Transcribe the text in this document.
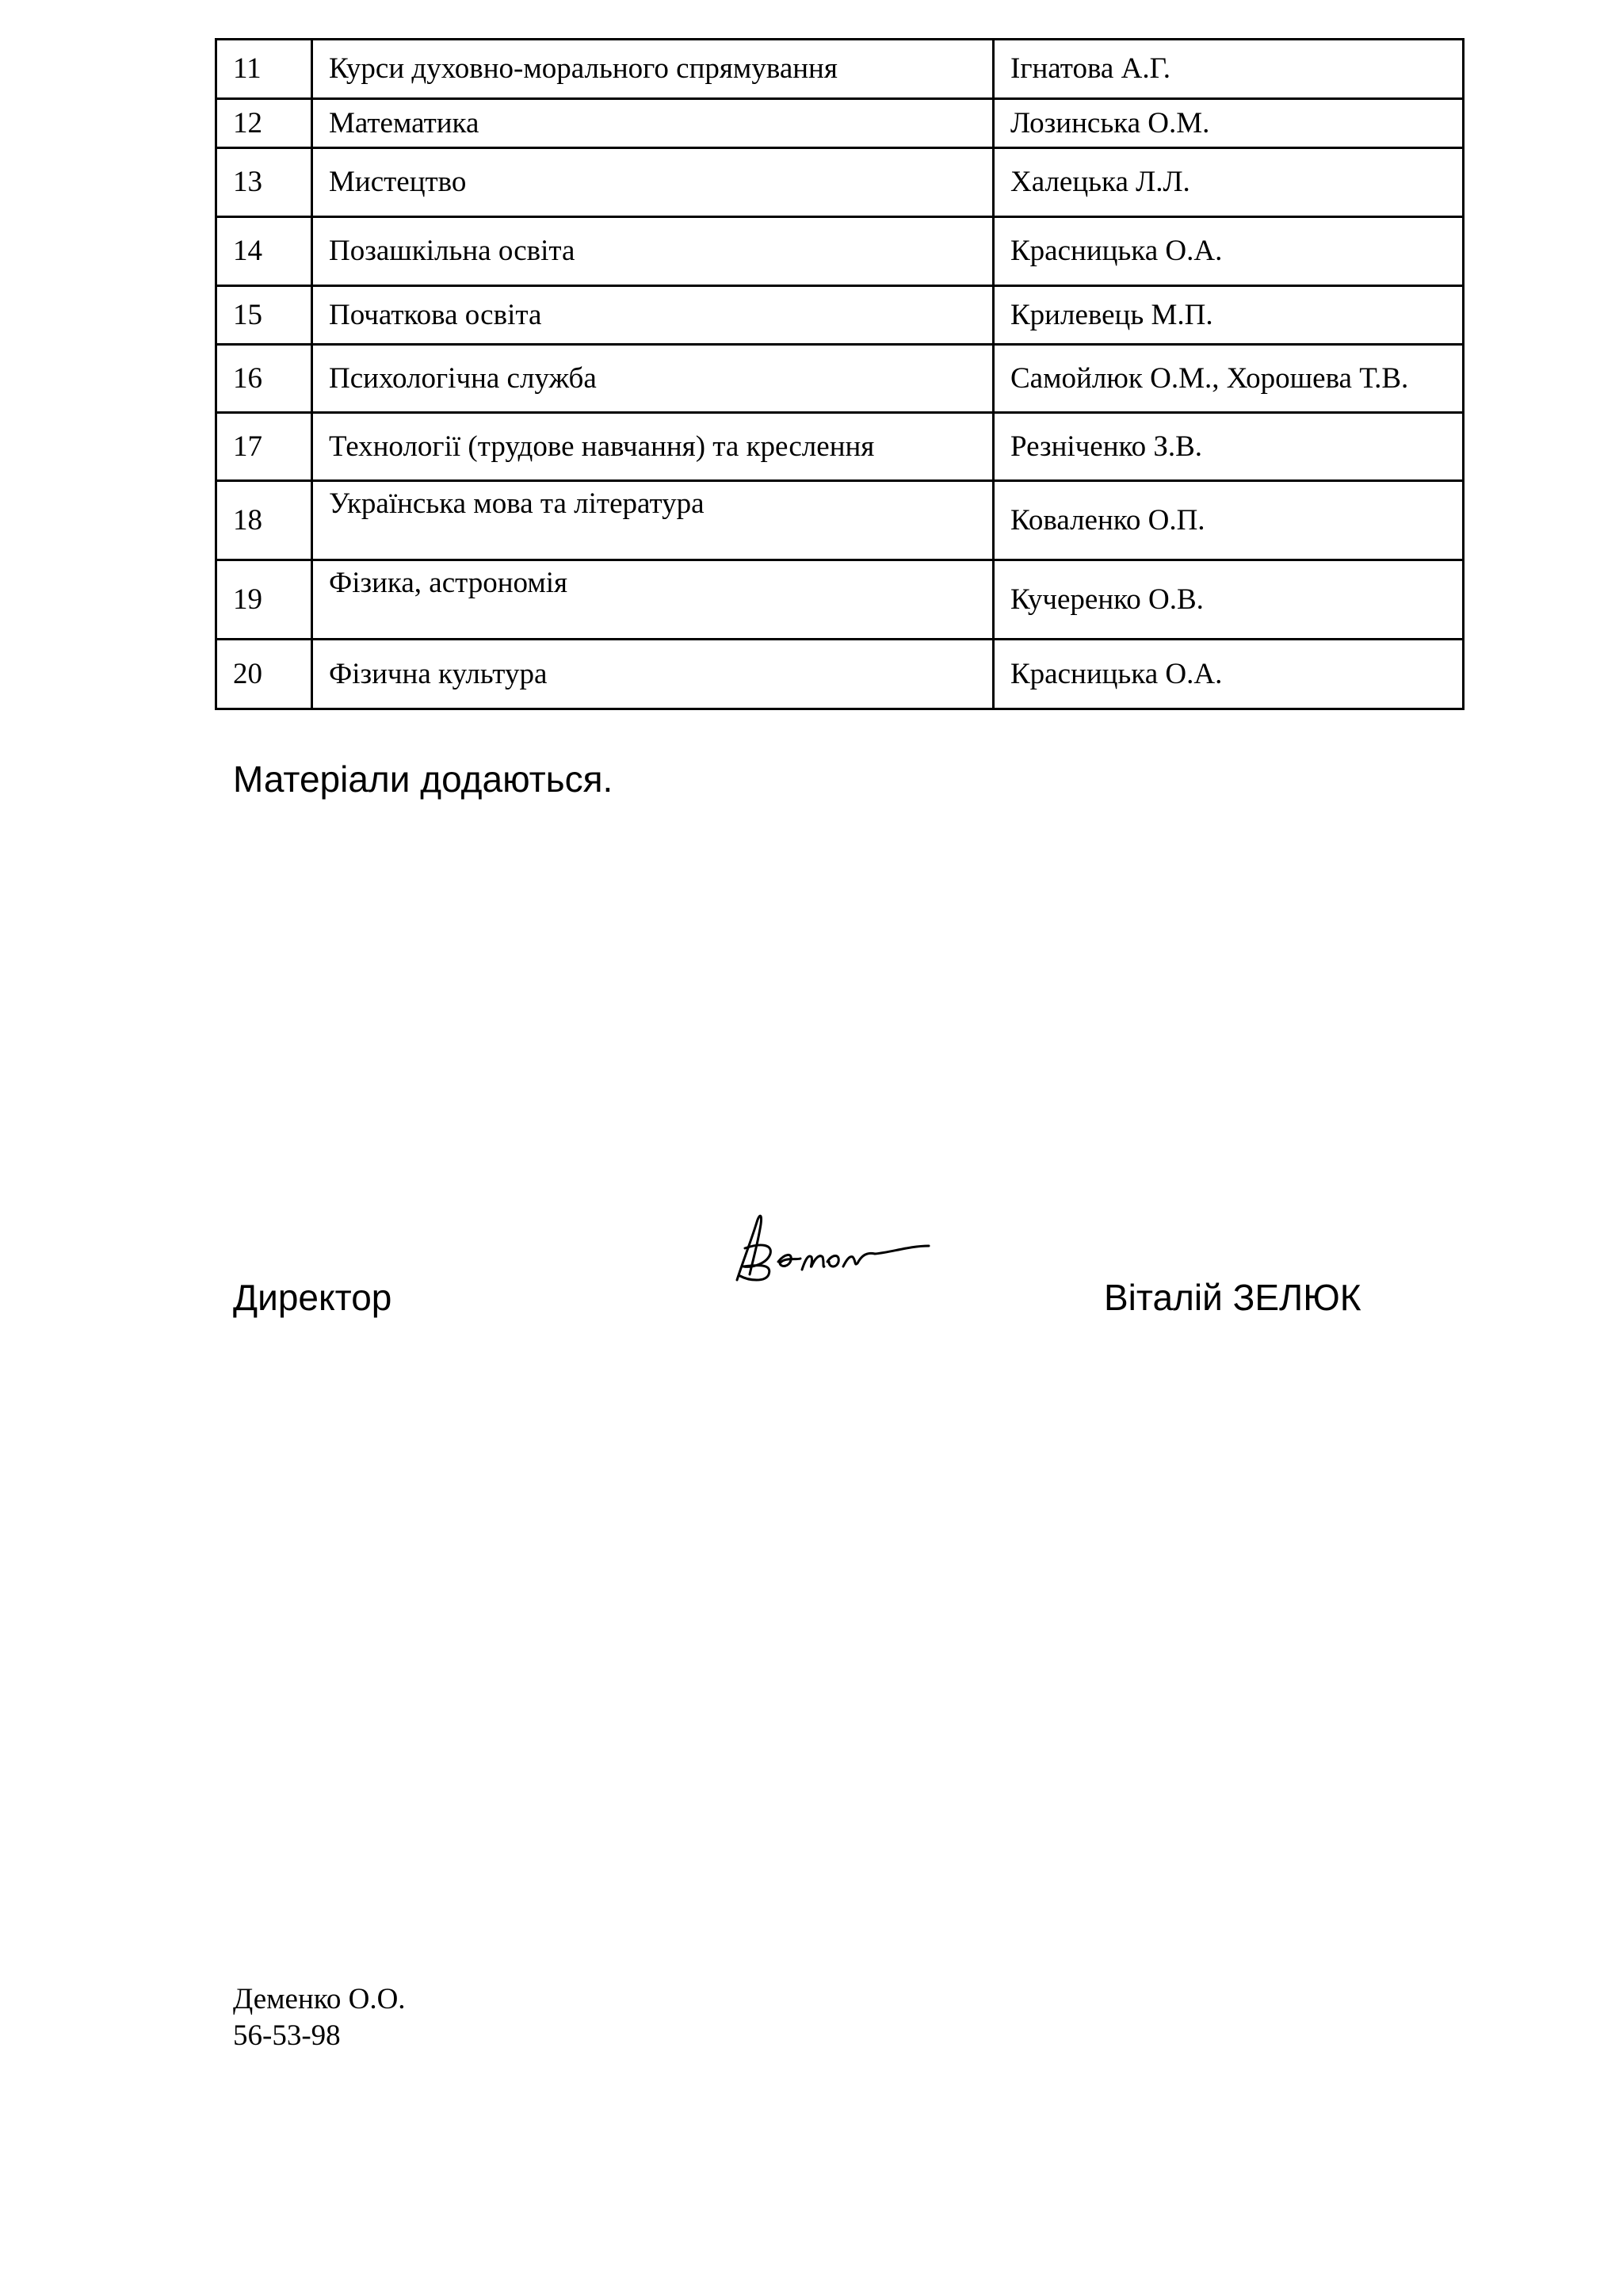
11	Курси духовно-морального спрямування	Ігнатова А.Г.
12	Математика	Лозинська О.М.
13	Мистецтво	Халецька Л.Л.
14	Позашкільна освіта	Красницька О.А.
15	Початкова освіта	Крилевець М.П.
16	Психологічна служба	Самойлюк О.М., Хорошева Т.В.
17	Технології (трудове навчання) та креслення	Резніченко З.В.
18	Українська мова та література	Коваленко О.П.
19	Фізика, астрономія	Кучеренко О.В.
20	Фізична культура	Красницька О.А.
Матеріали додаються.
Директор	Віталій ЗЕЛЮК
Деменко О.О.
56-53-98
